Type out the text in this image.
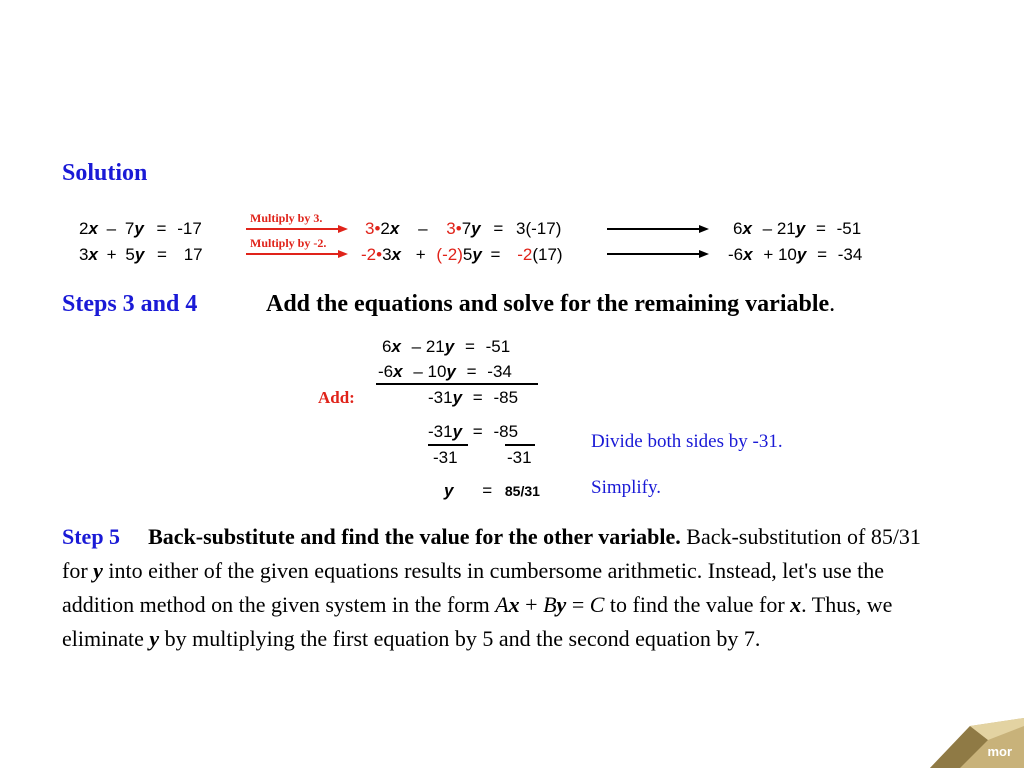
Solution
2x – 7y = -17
3x + 5y = 17
Multiply by 3.
Multiply by -2.
3•2x – 3•7y = 3(-17)
-2•3x + (-2)5y = -2(17)
6x – 21y = -51
-6x + 10y = -34
Steps 3 and 4	Add the equations and solve for the remaining variable.
6x – 21y = -51
-6x – 10y = -34
Add:	-31y = -85
-31y = -85
-31	-31
Divide both sides by -31.
y = 85/31	Simplify.
Step 5 Back-substitute and find the value for the other variable. Back-substitution of 85/31 for y into either of the given equations results in cumbersome arithmetic. Instead, let's use the addition method on the given system in the form Ax + By = C to find the value for x. Thus, we eliminate y by multiplying the first equation by 5 and the second equation by 7.
mor
